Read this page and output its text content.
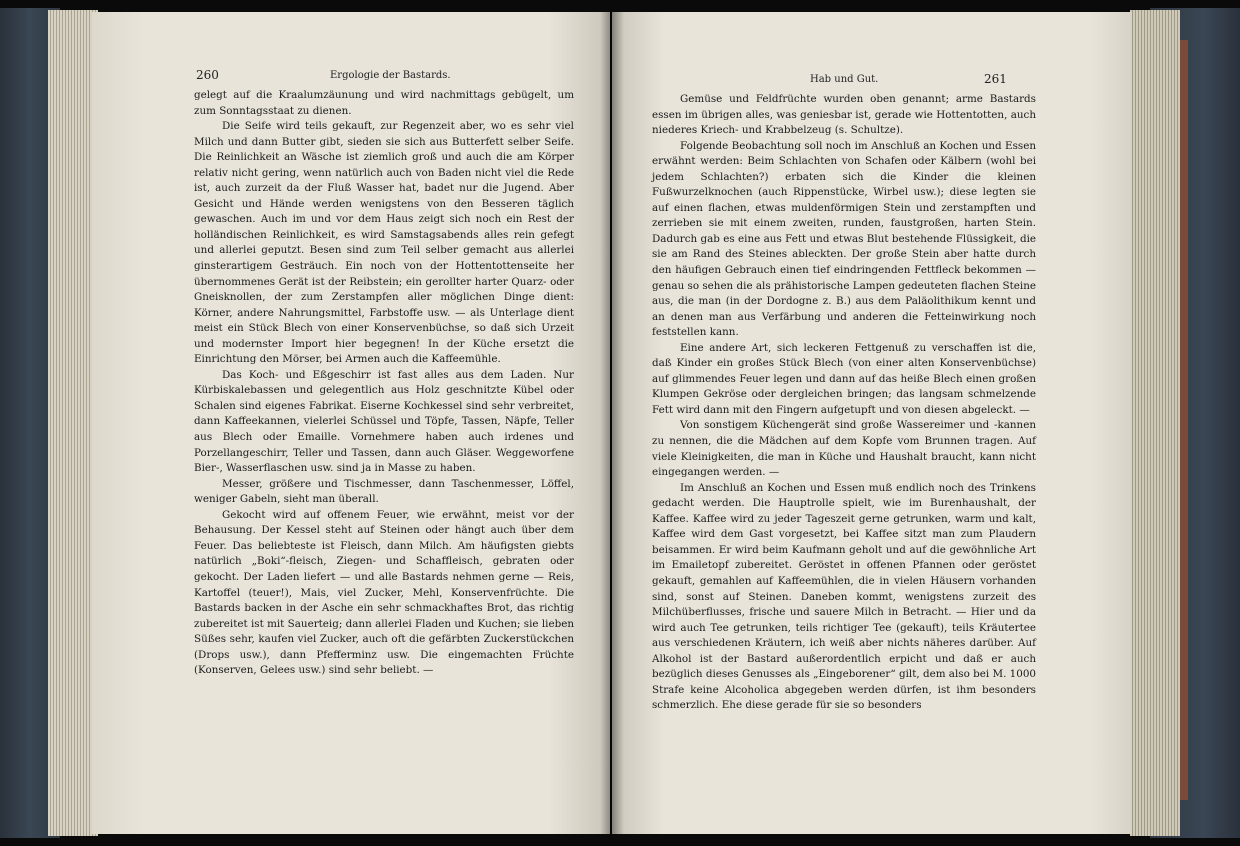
260	Ergologie der Bastards.

gelegt auf die Kraalumzäunung und wird nachmittags gebügelt, um zum Sonntagsstaat zu dienen.

Die Seife wird teils gekauft, zur Regenzeit aber, wo es sehr viel Milch und dann Butter gibt, sieden sie sich aus Butterfett selber Seife. Die Reinlichkeit an Wäsche ist ziemlich groß und auch die am Körper relativ nicht gering, wenn natürlich auch von Baden nicht viel die Rede ist, auch zurzeit da der Fluß Wasser hat, badet nur die Jugend. Aber Gesicht und Hände werden wenigstens von den Besseren täglich gewaschen. Auch im und vor dem Haus zeigt sich noch ein Rest der holländischen Reinlichkeit, es wird Samstagsabends alles rein gefegt und allerlei geputzt. Besen sind zum Teil selber gemacht aus allerlei ginsterartigem Gesträuch. Ein noch von der Hottentottenseite her übernommenes Gerät ist der Reibstein; ein gerollter harter Quarz- oder Gneisknollen, der zum Zerstampfen aller möglichen Dinge dient: Körner, andere Nahrungsmittel, Farbstoffe usw. — als Unterlage dient meist ein Stück Blech von einer Konservenbüchse, so daß sich Urzeit und modernster Import hier begegnen! In der Küche ersetzt die Einrichtung den Mörser, bei Armen auch die Kaffeemühle.

Das Koch- und Eßgeschirr ist fast alles aus dem Laden. Nur Kürbiskalebassen und gelegentlich aus Holz geschnitzte Kübel oder Schalen sind eigenes Fabrikat. Eiserne Kochkessel sind sehr verbreitet, dann Kaffeekannen, vielerlei Schüssel und Töpfe, Tassen, Näpfe, Teller aus Blech oder Emaille. Vornehmere haben auch irdenes und Porzellangeschirr, Teller und Tassen, dann auch Gläser. Weggeworfene Bier-, Wasserflaschen usw. sind ja in Masse zu haben.

Messer, größere und Tischmesser, dann Taschenmesser, Löffel, weniger Gabeln, sieht man überall.

Gekocht wird auf offenem Feuer, wie erwähnt, meist vor der Behausung. Der Kessel steht auf Steinen oder hängt auch über dem Feuer. Das beliebteste ist Fleisch, dann Milch. Am häufigsten giebts natürlich „Boki“-fleisch, Ziegen- und Schaffleisch, gebraten oder gekocht. Der Laden liefert — und alle Bastards nehmen gerne — Reis, Kartoffel (teuer!), Mais, viel Zucker, Mehl, Konservenfrüchte. Die Bastards backen in der Asche ein sehr schmackhaftes Brot, das richtig zubereitet ist mit Sauerteig; dann allerlei Fladen und Kuchen; sie lieben Süßes sehr, kaufen viel Zucker, auch oft die gefärbten Zuckerstückchen (Drops usw.), dann Pfefferminz usw. Die eingemachten Früchte (Konserven, Gelees usw.) sind sehr beliebt. —

Hab und Gut.	261

Gemüse und Feldfrüchte wurden oben genannt; arme Bastards essen im übrigen alles, was geniesbar ist, gerade wie Hottentotten, auch niederes Kriech- und Krabbelzeug (s. Schultze).

Folgende Beobachtung soll noch im Anschluß an Kochen und Essen erwähnt werden: Beim Schlachten von Schafen oder Kälbern (wohl bei jedem Schlachten?) erbaten sich die Kinder die kleinen Fußwurzelknochen (auch Rippenstücke, Wirbel usw.); diese legten sie auf einen flachen, etwas muldenförmigen Stein und zerstampften und zerrieben sie mit einem zweiten, runden, faustgroßen, harten Stein. Dadurch gab es eine aus Fett und etwas Blut bestehende Flüssigkeit, die sie am Rand des Steines ableckten. Der große Stein aber hatte durch den häufigen Gebrauch einen tief eindringenden Fettfleck bekommen — genau so sehen die als prähistorische Lampen gedeuteten flachen Steine aus, die man (in der Dordogne z. B.) aus dem Paläolithikum kennt und an denen man aus Verfärbung und anderen die Fetteinwirkung noch feststellen kann.

Eine andere Art, sich leckeren Fettgenuß zu verschaffen ist die, daß Kinder ein großes Stück Blech (von einer alten Konservenbüchse) auf glimmendes Feuer legen und dann auf das heiße Blech einen großen Klumpen Gekröse oder dergleichen bringen; das langsam schmelzende Fett wird dann mit den Fingern aufgetupft und von diesen abgeleckt. —

Von sonstigem Küchengerät sind große Wassereimer und -kannen zu nennen, die die Mädchen auf dem Kopfe vom Brunnen tragen. Auf viele Kleinigkeiten, die man in Küche und Haushalt braucht, kann nicht eingegangen werden. —

Im Anschluß an Kochen und Essen muß endlich noch des Trinkens gedacht werden. Die Hauptrolle spielt, wie im Burenhaushalt, der Kaffee. Kaffee wird zu jeder Tageszeit gerne getrunken, warm und kalt, Kaffee wird dem Gast vorgesetzt, bei Kaffee sitzt man zum Plaudern beisammen. Er wird beim Kaufmann geholt und auf die gewöhnliche Art im Emailetopf zubereitet. Geröstet in offenen Pfannen oder geröstet gekauft, gemahlen auf Kaffeemühlen, die in vielen Häusern vorhanden sind, sonst auf Steinen. Daneben kommt, wenigstens zurzeit des Milchüberflusses, frische und sauere Milch in Betracht. — Hier und da wird auch Tee getrunken, teils richtiger Tee (gekauft), teils Kräutertee aus verschiedenen Kräutern, ich weiß aber nichts näheres darüber. Auf Alkohol ist der Bastard außerordentlich erpicht und daß er auch bezüglich dieses Genusses als „Eingeborener“ gilt, dem also bei M. 1000 Strafe keine Alcoholica abgegeben werden dürfen, ist ihm besonders schmerzlich. Ehe diese gerade für sie so besonders
